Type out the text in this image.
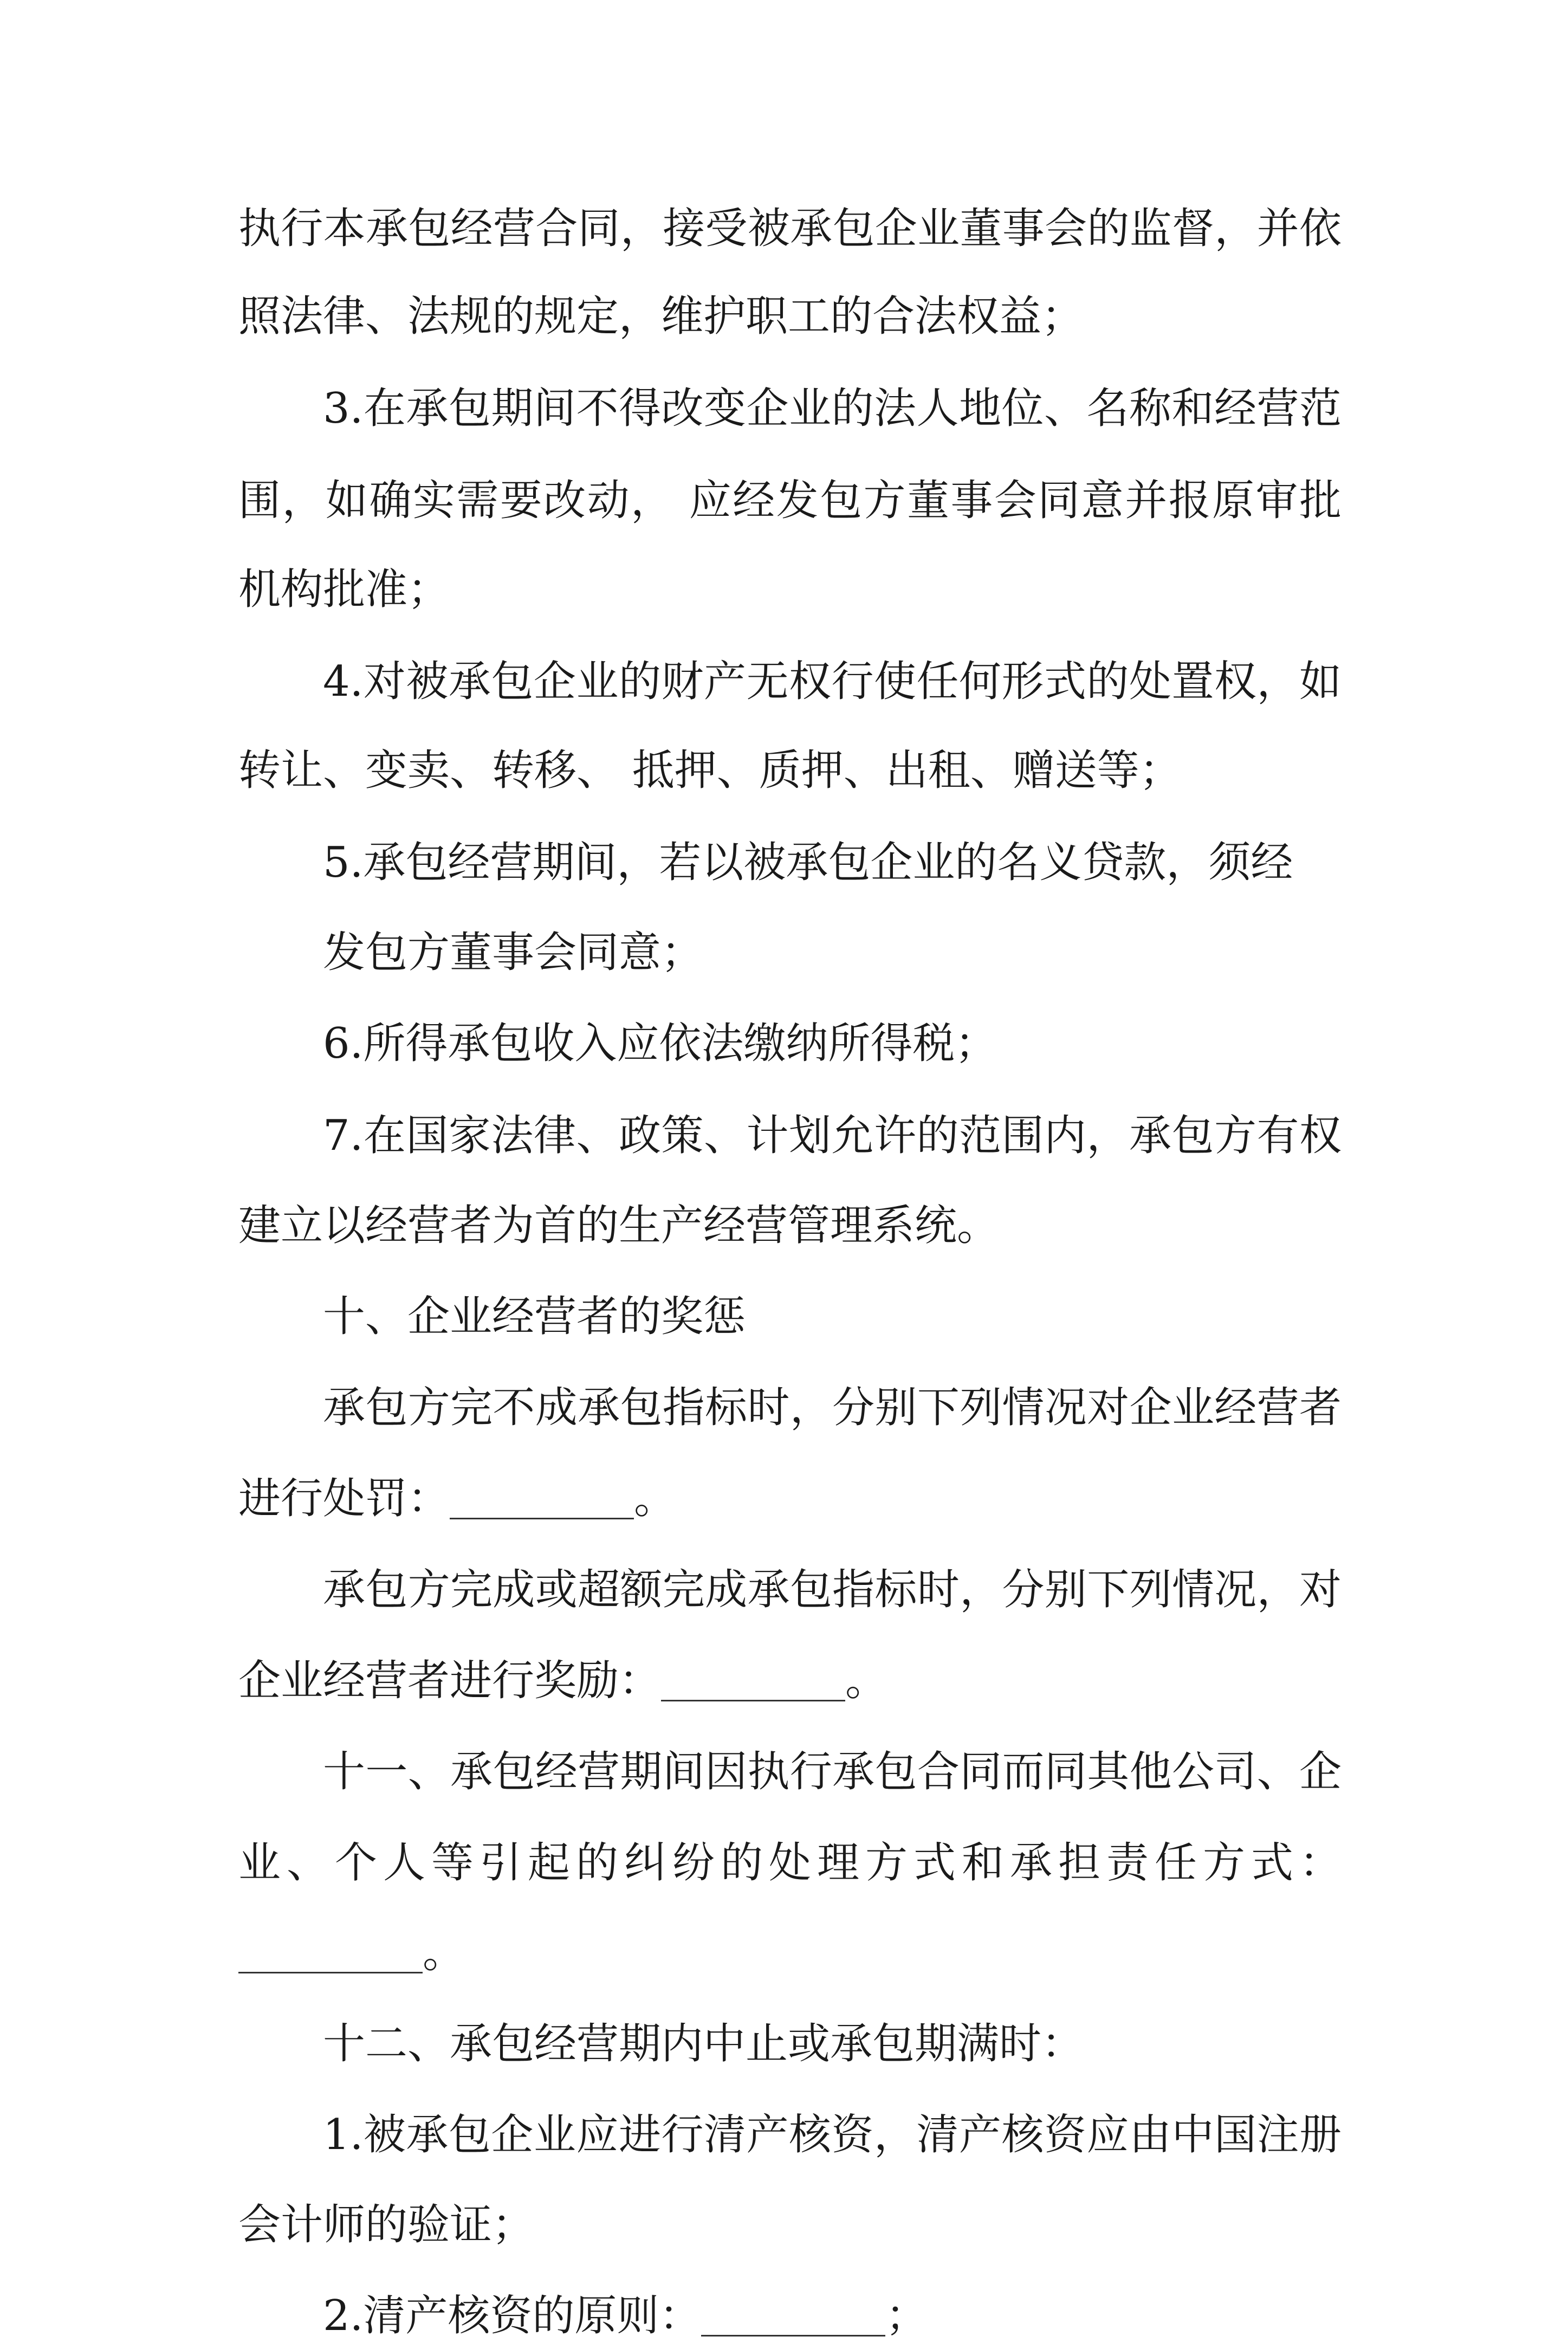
执行本承包经营合同，接受被承包企业董事会的监督，并依
照法律、法规的规定，维护职工的合法权益；
3.在承包期间不得改变企业的法人地位、名称和经营范
围，如确实需要改动， 应经发包方董事会同意并报原审批
机构批准；
4.对被承包企业的财产无权行使任何形式的处置权，如
转让、变卖、转移、 抵押、质押、出租、赠送等；
5.承包经营期间，若以被承包企业的名义贷款，须经
发包方董事会同意；
6.所得承包收入应依法缴纳所得税；
7.在国家法律、政策、计划允许的范围内，承包方有权
建立以经营者为首的生产经营管理系统。
十、企业经营者的奖惩
承包方完不成承包指标时，分别下列情况对企业经营者
进行处罚：	。
承包方完成或超额完成承包指标时，分别下列情况，对
企业经营者进行奖励：	。
十一、承包经营期间因执行承包合同而同其他公司、企
业、个人等引起的纠纷的处理方式和承担责任方式：
。
十二、承包经营期内中止或承包期满时：
1.被承包企业应进行清产核资，清产核资应由中国注册
会计师的验证；
2.清产核资的原则：	；
